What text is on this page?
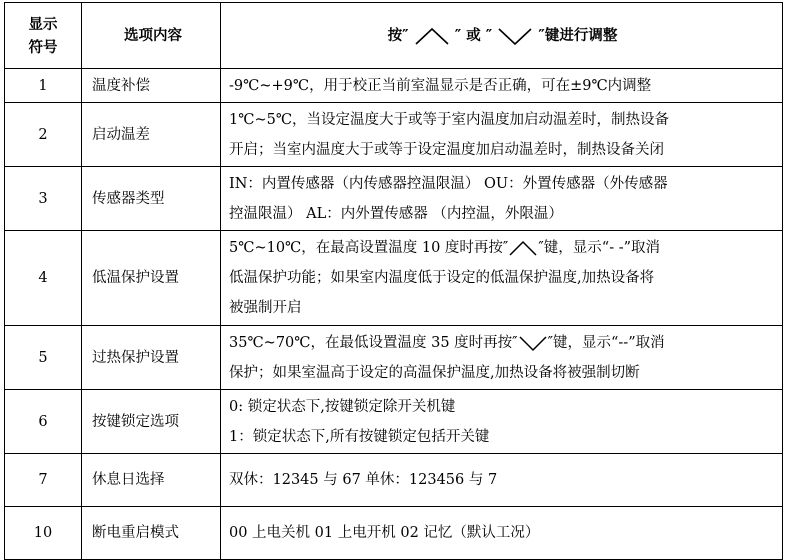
显示
符号	选项内容	按″ ″ 或 ″ ″键进行调整
1	温度补偿	-9℃~+9℃，用于校正当前室温显示是否正确，可在±9℃内调整

2	启动温差	1℃~5℃，当设定温度大于或等于室内温度加启动温差时，制热设备
开启；当室内温度大于或等于设定温度加启动温差时，制热设备关闭

3	传感器类型	IN：内置传感器（内传感器控温限温） OU：外置传感器（外传感器
控温限温） AL：内外置传感器 （内控温，外限温）

4	低温保护设置	5℃~10℃，在最高设置温度 10 度时再按″ ″键，显示“- -”取消
低温保护功能；如果室内温度低于设定的低温保护温度,加热设备将
被强制开启

5	过热保护设置	35℃~70℃，在最低设置温度 35 度时再按″ ″键，显示“--”取消
保护；如果室温高于设定的高温保护温度,加热设备将被强制切断

6	按键锁定选项	0: 锁定状态下,按键锁定除开关机键
1：锁定状态下,所有按键锁定包括开关键

7	休息日选择	双休：12345 与 67 单休：123456 与 7

10	断电重启模式	00 上电关机 01 上电开机 02 记忆（默认工况）
